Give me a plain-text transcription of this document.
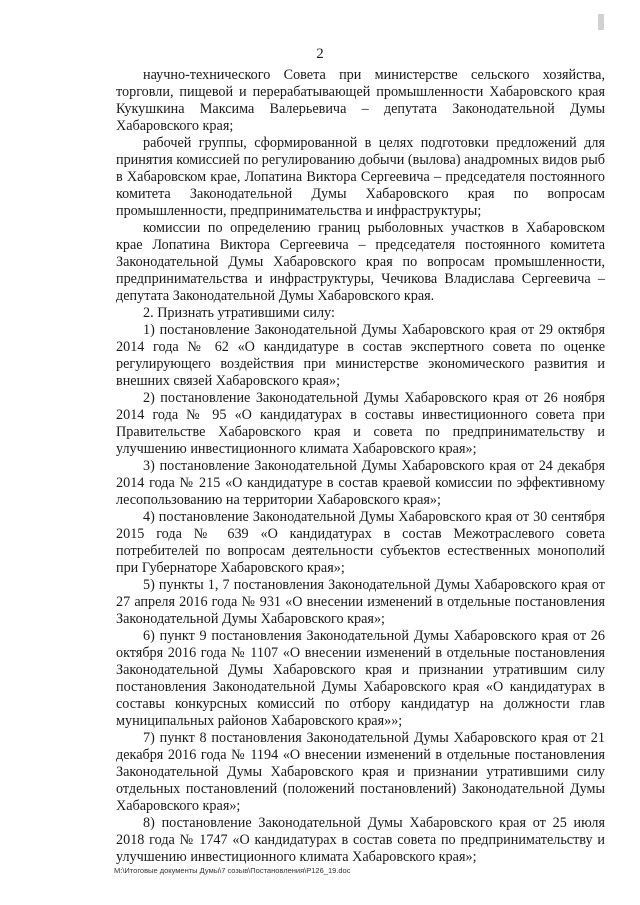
2

научно-технического Совета при министерстве сельского хозяйства, торговли, пищевой и перерабатывающей промышленности Хабаровского края Кукушкина Максима Валерьевича – депутата Законодательной Думы Хабаровского края;

рабочей группы, сформированной в целях подготовки предложений для принятия комиссией по регулированию добычи (вылова) анадромных видов рыб в Хабаровском крае, Лопатина Виктора Сергеевича – председателя постоянного комитета Законодательной Думы Хабаровского края по вопросам промышленности, предпринимательства и инфраструктуры;

комиссии по определению границ рыболовных участков в Хабаровском крае Лопатина Виктора Сергеевича – председателя постоянного комитета Законодательной Думы Хабаровского края по вопросам промышленности, предпринимательства и инфраструктуры, Чечикова Владислава Сергеевича – депутата Законодательной Думы Хабаровского края.

2. Признать утратившими силу:

1) постановление Законодательной Думы Хабаровского края от 29 октября 2014 года № 62 «О кандидатуре в состав экспертного совета по оценке регулирующего воздействия при министерстве экономического развития и внешних связей Хабаровского края»;

2) постановление Законодательной Думы Хабаровского края от 26 ноября 2014 года № 95 «О кандидатурах в составы инвестиционного совета при Правительстве Хабаровского края и совета по предпринимательству и улучшению инвестиционного климата Хабаровского края»;

3) постановление Законодательной Думы Хабаровского края от 24 декабря 2014 года № 215 «О кандидатуре в состав краевой комиссии по эффективному лесопользованию на территории Хабаровского края»;

4) постановление Законодательной Думы Хабаровского края от 30 сентября 2015 года № 639 «О кандидатурах в состав Межотраслевого совета потребителей по вопросам деятельности субъектов естественных монополий при Губернаторе Хабаровского края»;

5) пункты 1, 7 постановления Законодательной Думы Хабаровского края от 27 апреля 2016 года № 931 «О внесении изменений в отдельные постановления Законодательной Думы Хабаровского края»;

6) пункт 9 постановления Законодательной Думы Хабаровского края от 26 октября 2016 года № 1107 «О внесении изменений в отдельные постановления Законодательной Думы Хабаровского края и признании утратившим силу постановления Законодательной Думы Хабаровского края «О кандидатурах в составы конкурсных комиссий по отбору кандидатур на должности глав муниципальных районов Хабаровского края»»;

7) пункт 8 постановления Законодательной Думы Хабаровского края от 21 декабря 2016 года № 1194 «О внесении изменений в отдельные постановления Законодательной Думы Хабаровского края и признании утратившими силу отдельных постановлений (положений постановлений) Законодательной Думы Хабаровского края»;

8) постановление Законодательной Думы Хабаровского края от 25 июля 2018 года № 1747 «О кандидатурах в состав совета по предпринимательству и улучшению инвестиционного климата Хабаровского края»;

M:\Итоговые документы Думы\7 созыв\Постановления\Р126_19.doc
